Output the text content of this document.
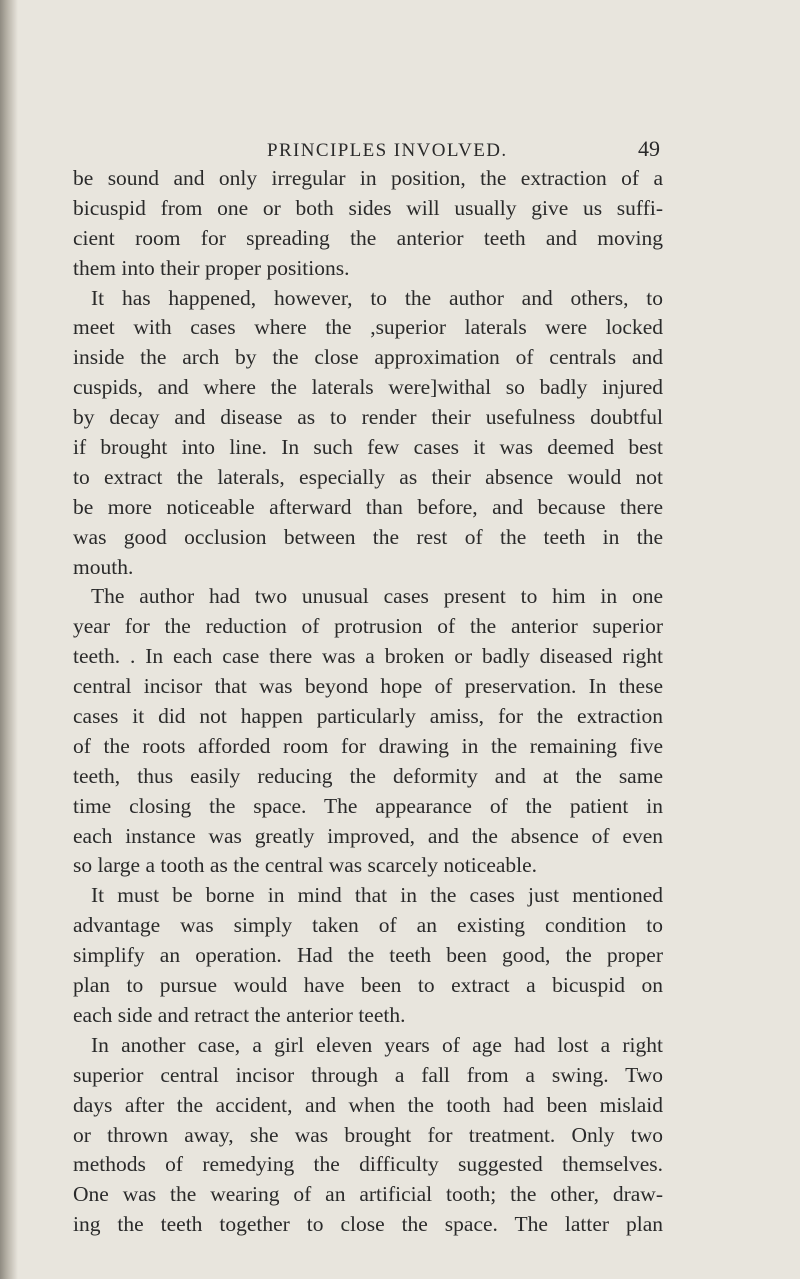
PRINCIPLES INVOLVED.	49
be sound and only irregular in position, the extraction of a
bicuspid from one or both sides will usually give us suffi-
cient room for spreading the anterior teeth and moving
them into their proper positions.
It has happened, however, to the author and others, to
meet with cases where the ,superior laterals were locked
inside the arch by the close approximation of centrals and
cuspids, and where the laterals were]withal so badly injured
by decay and disease as to render their usefulness doubtful
if brought into line. In such few cases it was deemed best
to extract the laterals, especially as their absence would not
be more noticeable afterward than before, and because there
was good occlusion between the rest of the teeth in the
mouth.
The author had two unusual cases present to him in one
year for the reduction of protrusion of the anterior superior
teeth. . In each case there was a broken or badly diseased right
central incisor that was beyond hope of preservation. In these
cases it did not happen particularly amiss, for the extraction
of the roots afforded room for drawing in the remaining five
teeth, thus easily reducing the deformity and at the same
time closing the space. The appearance of the patient in
each instance was greatly improved, and the absence of even
so large a tooth as the central was scarcely noticeable.
It must be borne in mind that in the cases just mentioned
advantage was simply taken of an existing condition to
simplify an operation. Had the teeth been good, the proper
plan to pursue would have been to extract a bicuspid on
each side and retract the anterior teeth.
In another case, a girl eleven years of age had lost a right
superior central incisor through a fall from a swing. Two
days after the accident, and when the tooth had been mislaid
or thrown away, she was brought for treatment. Only two
methods of remedying the difficulty suggested themselves.
One was the wearing of an artificial tooth; the other, draw-
ing the teeth together to close the space. The latter plan
